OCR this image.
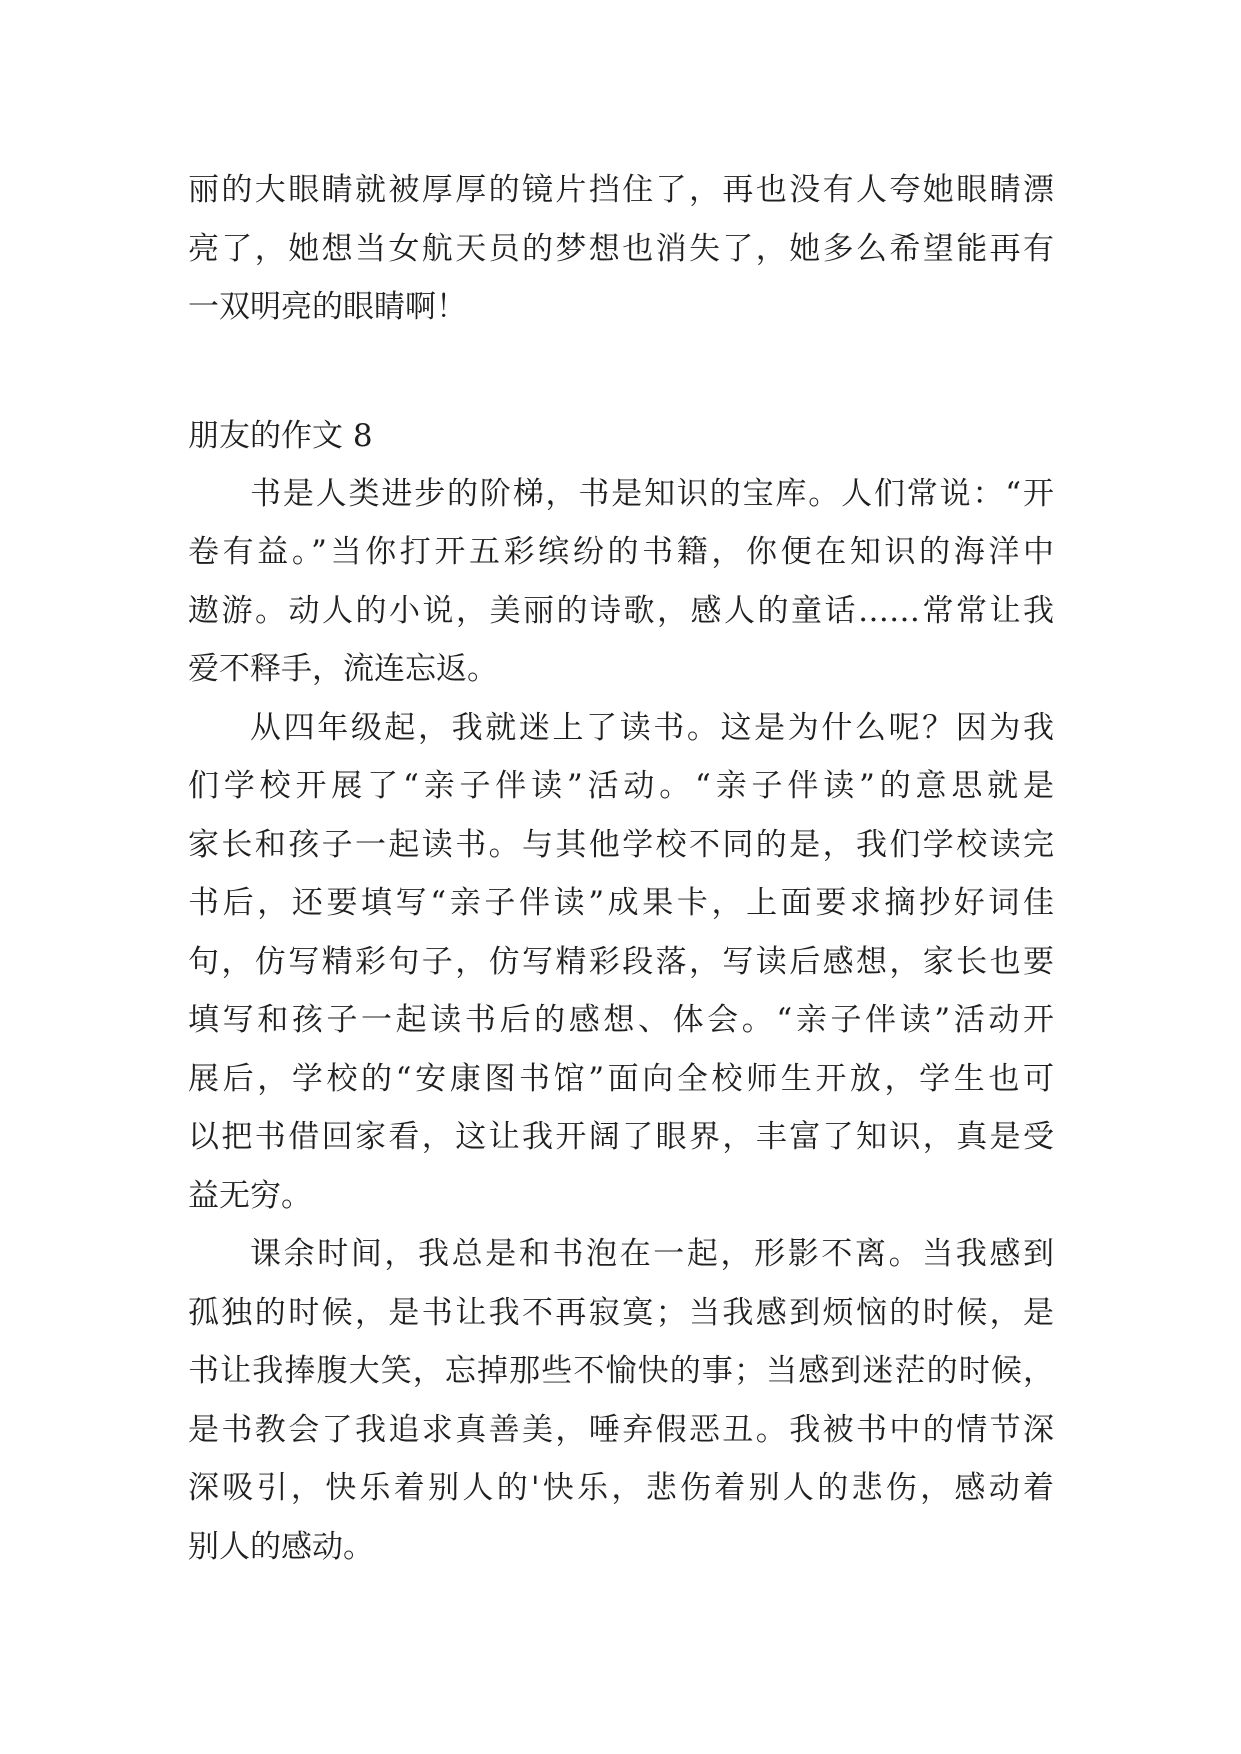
丽的大眼睛就被厚厚的镜片挡住了，再也没有人夸她眼睛漂
亮了，她想当女航天员的梦想也消失了，她多么希望能再有
一双明亮的眼睛啊！
朋友的作文 8
书是人类进步的阶梯，书是知识的宝库。人们常说：“开
卷有益。”当你打开五彩缤纷的书籍，你便在知识的海洋中
遨游。动人的小说，美丽的诗歌，感人的童话……常常让我
爱不释手，流连忘返。
从四年级起，我就迷上了读书。这是为什么呢？因为我
们学校开展了“亲子伴读”活动。“亲子伴读”的意思就是
家长和孩子一起读书。与其他学校不同的是，我们学校读完
书后，还要填写“亲子伴读”成果卡，上面要求摘抄好词佳
句，仿写精彩句子，仿写精彩段落，写读后感想，家长也要
填写和孩子一起读书后的感想、体会。“亲子伴读”活动开
展后，学校的“安康图书馆”面向全校师生开放，学生也可
以把书借回家看，这让我开阔了眼界，丰富了知识，真是受
益无穷。
课余时间，我总是和书泡在一起，形影不离。当我感到
孤独的时候，是书让我不再寂寞；当我感到烦恼的时候，是
书让我捧腹大笑，忘掉那些不愉快的事；当感到迷茫的时候，
是书教会了我追求真善美，唾弃假恶丑。我被书中的情节深
深吸引，快乐着别人的'快乐，悲伤着别人的悲伤，感动着
别人的感动。
